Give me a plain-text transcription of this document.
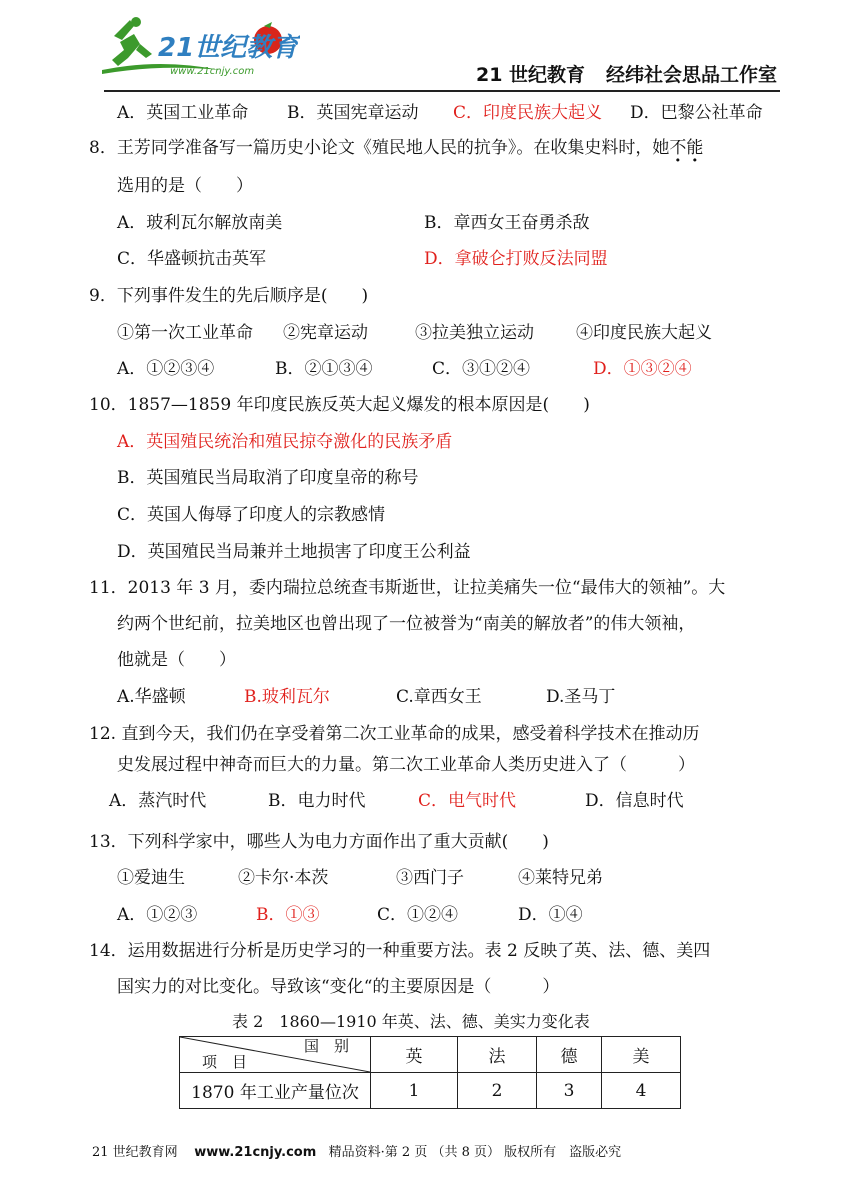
21世纪教育
www.21cnjy.com	21 世纪教育 经纬社会思品工作室
A．英国工业革命 B．英国宪章运动 C．印度民族大起义 D．巴黎公社革命
8．王芳同学准备写一篇历史小论文《殖民地人民的抗争》。在收集史料时，她不能
选用的是（　　）
A．玻利瓦尔解放南美	B．章西女王奋勇杀敌
C．华盛顿抗击英军	D．拿破仑打败反法同盟
9．下列事件发生的先后顺序是(　　)
①第一次工业革命 ②宪章运动	③拉美独立运动 ④印度民族大起义
A．①②③④	B．②①③④	C．③①②④	D．①③②④
10．1857—1859 年印度民族反英大起义爆发的根本原因是(　　)
A．英国殖民统治和殖民掠夺激化的民族矛盾
B．英国殖民当局取消了印度皇帝的称号
C．英国人侮辱了印度人的宗教感情
D．英国殖民当局兼并土地损害了印度王公利益
11．2013 年 3 月，委内瑞拉总统查韦斯逝世，让拉美痛失一位“最伟大的领袖”。大
约两个世纪前，拉美地区也曾出现了一位被誉为“南美的解放者”的伟大领袖，
他就是（　　）
A.华盛顿	B.玻利瓦尔	C.章西女王	D.圣马丁
12. 直到今天，我们仍在享受着第二次工业革命的成果，感受着科学技术在推动历
史发展过程中神奇而巨大的力量。第二次工业革命人类历史进入了（　　　）
A．蒸汽时代	B．电力时代	C．电气时代	D．信息时代
13．下列科学家中，哪些人为电力方面作出了重大贡献(　　)
①爱迪生	②卡尔·本茨	③西门子	④莱特兄弟
A．①②③	B．①③	C．①②④	D．①④
14．运用数据进行分析是历史学习的一种重要方法。表 2 反映了英、法、德、美四
国实力的对比变化。导致该“变化“的主要原因是（　　　）
表 2　1860—1910 年英、法、德、美实力变化表
国　别
项　目	英	法	德	美
1870 年工业产量位次	1	2	3	4
21 世纪教育网 www.21cnjy.com 精品资料·第 2 页 （共 8 页） 版权所有　盗版必究
